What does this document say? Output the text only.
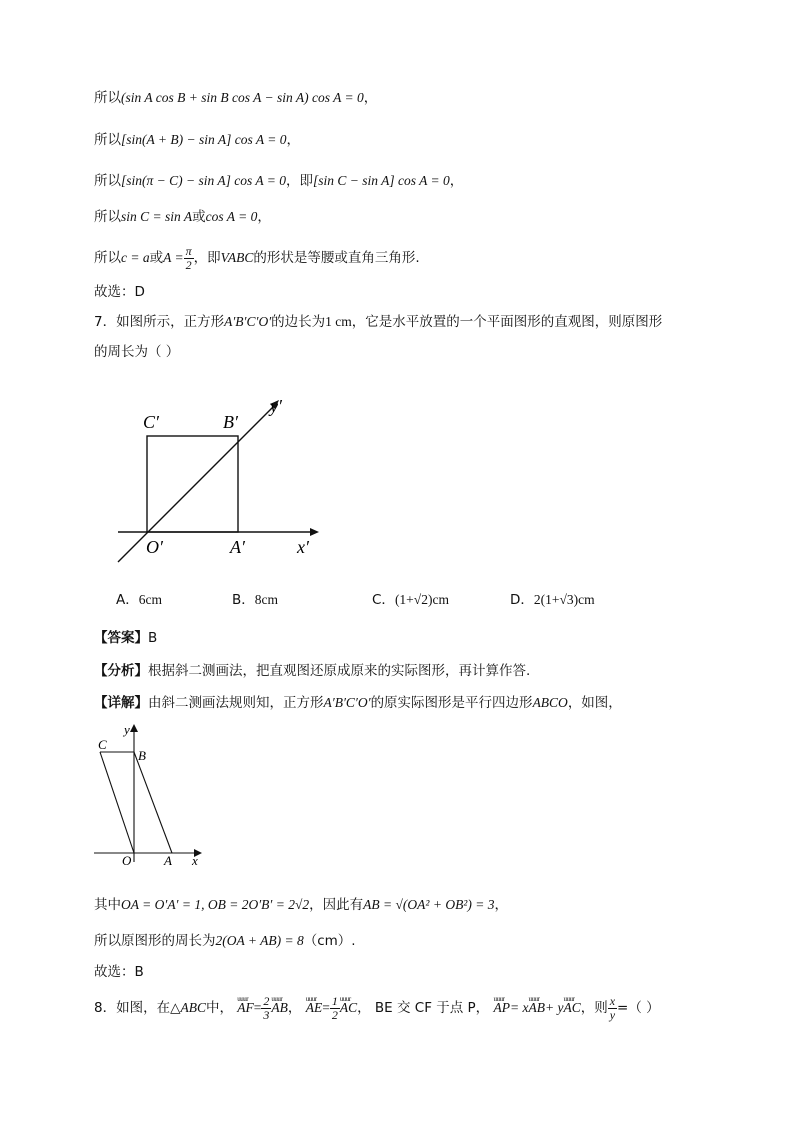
所以(sin A cos B + sin B cos A − sin A) cos A = 0，
所以[sin(A + B) − sin A] cos A = 0，
所以[sin(π − C) − sin A] cos A = 0，即[sin C − sin A] cos A = 0，
所以sin C = sin A或cos A = 0，
所以c = a或$A = \frac{\pi}{2}$ ，即VABC的形状是等腰或直角三角形.
故选：D
7．如图所示，正方形A′B′C′O′的边长为1 cm，它是水平放置的一个平面图形的直观图，则原图形
的周长为（ ）
C′	B′
O′	A′	x′
y′
A．6cm	B．8cm	C．(1+√2)cm	D．2(1+√3)cm
【答案】B
【分析】根据斜二测画法，把直观图还原成原来的实际图形，再计算作答.
【详解】由斜二测画法规则知，正方形A′B′C′O′的原实际图形是平行四边形ABCO，如图，
C
B
O	A x
y
其中OA = O′A′ = 1, OB = 2O′B′ = 2√2，因此有AB = √(OA² + OB²) = 3，
所以原图形的周长为2(OA + AB) = 8（cm）.
故选：B
8．如图，在△ABC中， uuur $AF= \frac{2}{3}$ uuur AB， uuur $AE= \frac{1}{2}$ uuur AC， BE 交 CF 于点 P， uuur AP= xuuur AB+ yuuur AC，则 $\frac{x}{y}$ =（ ）
